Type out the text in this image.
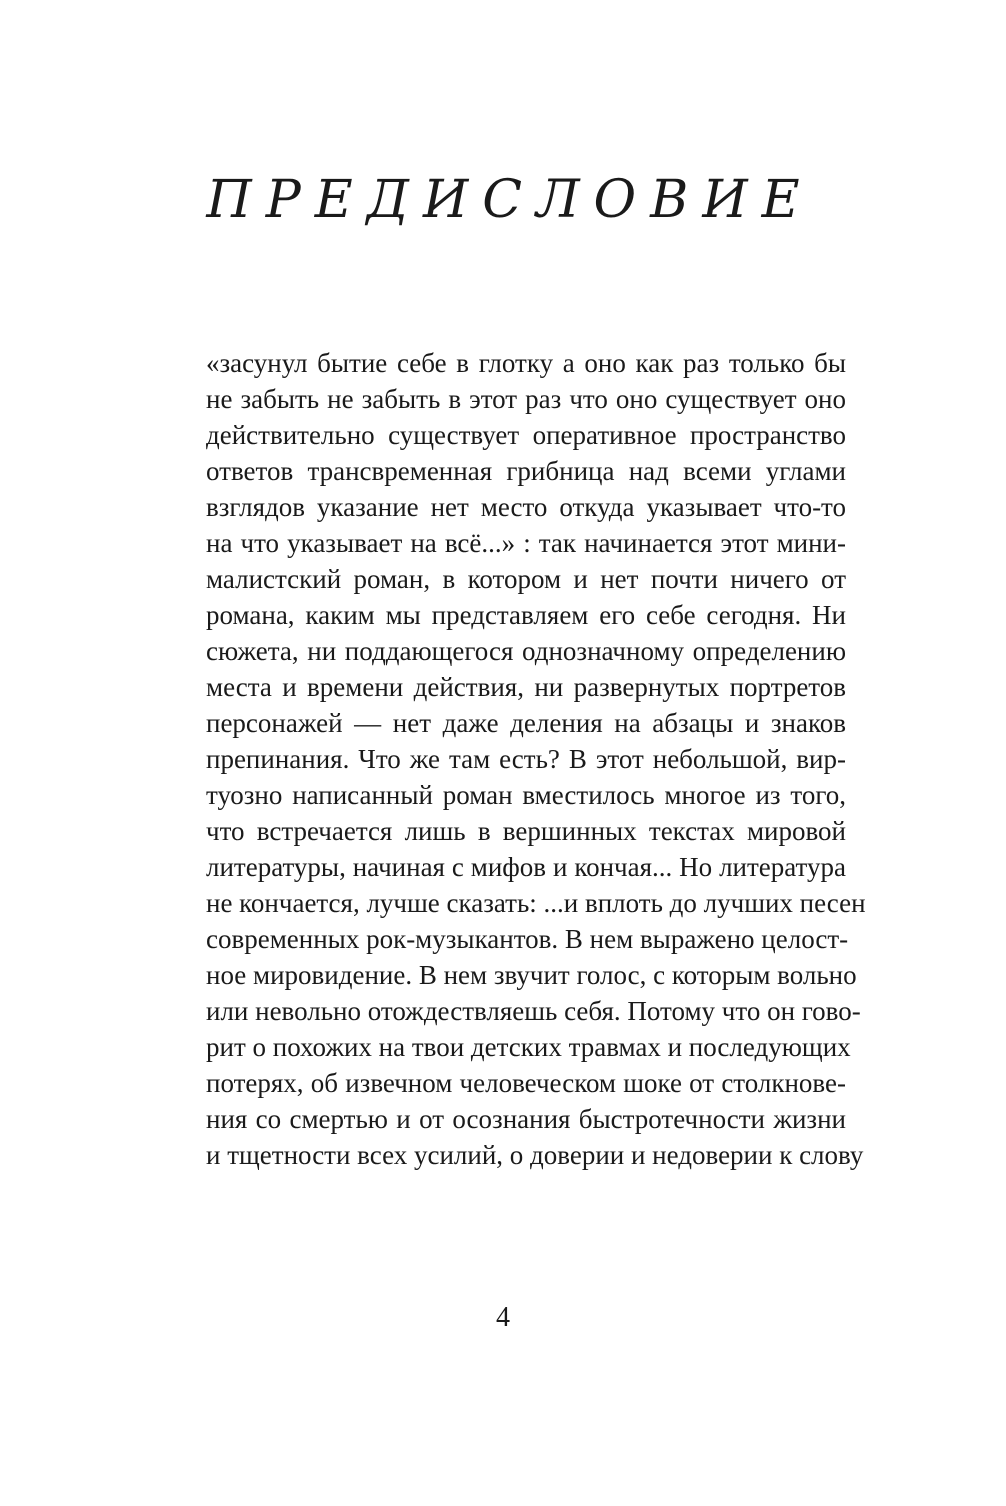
ПРЕДИСЛОВИЕ
«засунул бытие себе в глотку а оно как раз только бы
не забыть не забыть в этот раз что оно существует оно
действительно существует оперативное пространство
ответов трансвременная грибница над всеми углами
взглядов указание нет место откуда указывает что-то
на что указывает на всё...» : так начинается этот мини-
малистский роман, в котором и нет почти ничего от
романа, каким мы представляем его себе сегодня. Ни
сюжета, ни поддающегося однозначному определению
места и времени действия, ни развернутых портретов
персонажей — нет даже деления на абзацы и знаков
препинания. Что же там есть? В этот небольшой, вир-
туозно написанный роман вместилось многое из того,
что встречается лишь в вершинных текстах мировой
литературы, начиная с мифов и кончая... Но литература
не кончается, лучше сказать: ...и вплоть до лучших песен
современных рок-музыкантов. В нем выражено целост-
ное мировидение. В нем звучит голос, с которым вольно
или невольно отождествляешь себя. Потому что он гово-
рит о похожих на твои детских травмах и последующих
потерях, об извечном человеческом шоке от столкнове-
ния со смертью и от осознания быстротечности жизни
и тщетности всех усилий, о доверии и недоверии к слову
4
